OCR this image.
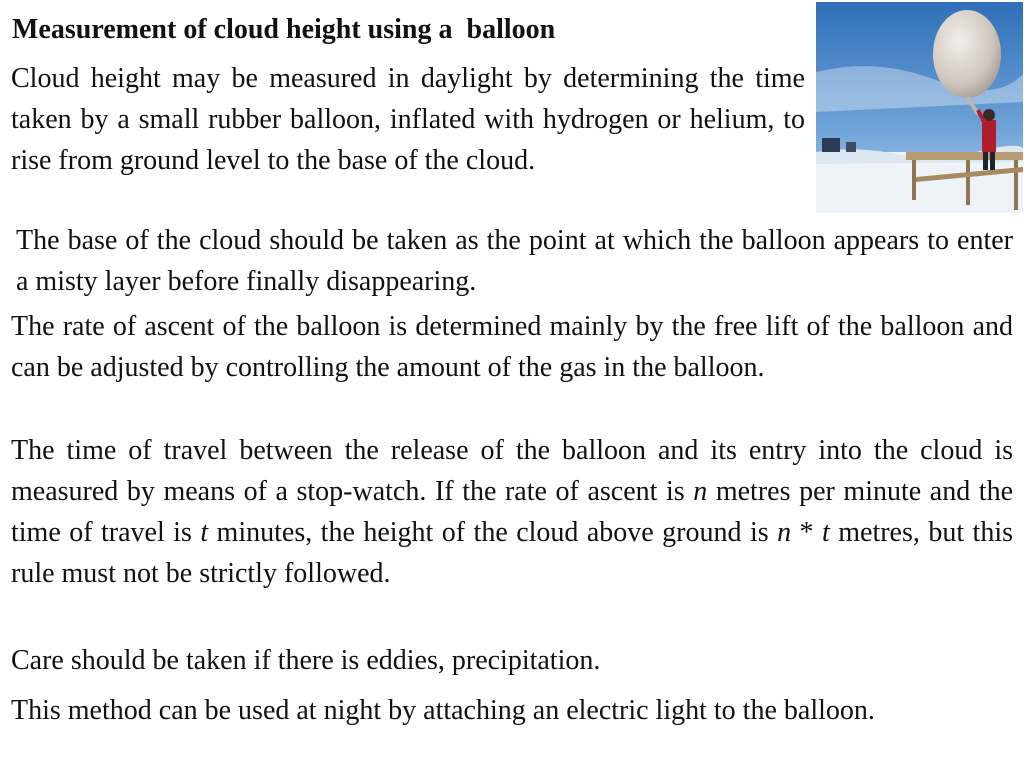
Measurement of cloud height using a  balloon

Cloud height may be measured in daylight by determining the time taken by a small rubber balloon, inflated with hydrogen or helium, to rise from ground level to the base of the cloud.

The base of the cloud should be taken as the point at which the balloon appears to enter a misty layer before finally disappearing.

The rate of ascent of the balloon is determined mainly by the free lift of the balloon and can be adjusted by controlling the amount of the gas in the balloon.

The time of travel between the release of the balloon and its entry into the cloud is measured by means of a stop-watch. If the rate of ascent is n metres per minute and the time of travel is t minutes, the height of the cloud above ground is n * t metres, but this rule must not be strictly followed.

Care should be taken if there is eddies, precipitation.

This method can be used at night by attaching an electric light to the balloon.
